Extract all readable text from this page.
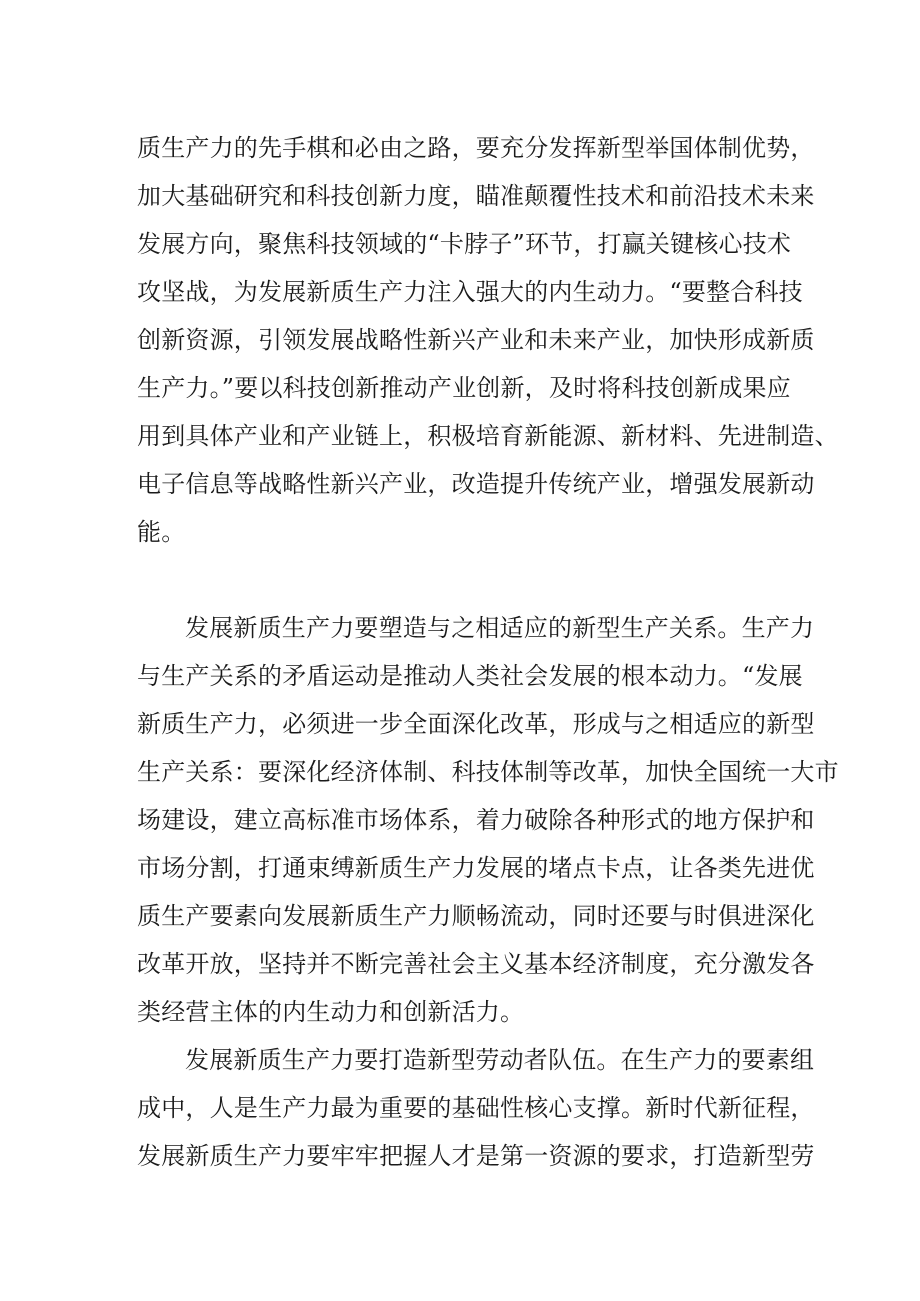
质生产力的先手棋和必由之路，要充分发挥新型举国体制优势，
加大基础研究和科技创新力度，瞄准颠覆性技术和前沿技术未来
发展方向，聚焦科技领域的“卡脖子”环节，打赢关键核心技术
攻坚战，为发展新质生产力注入强大的内生动力。“要整合科技
创新资源，引领发展战略性新兴产业和未来产业，加快形成新质
生产力。”要以科技创新推动产业创新，及时将科技创新成果应
用到具体产业和产业链上，积极培育新能源、新材料、先进制造、
电子信息等战略性新兴产业，改造提升传统产业，增强发展新动
能。
发展新质生产力要塑造与之相适应的新型生产关系。生产力
与生产关系的矛盾运动是推动人类社会发展的根本动力。“发展
新质生产力，必须进一步全面深化改革，形成与之相适应的新型
生产关系：要深化经济体制、科技体制等改革，加快全国统一大市
场建设，建立高标准市场体系，着力破除各种形式的地方保护和
市场分割，打通束缚新质生产力发展的堵点卡点，让各类先进优
质生产要素向发展新质生产力顺畅流动，同时还要与时俱进深化
改革开放，坚持并不断完善社会主义基本经济制度，充分激发各
类经营主体的内生动力和创新活力。
发展新质生产力要打造新型劳动者队伍。在生产力的要素组
成中，人是生产力最为重要的基础性核心支撑。新时代新征程，
发展新质生产力要牢牢把握人才是第一资源的要求，打造新型劳
